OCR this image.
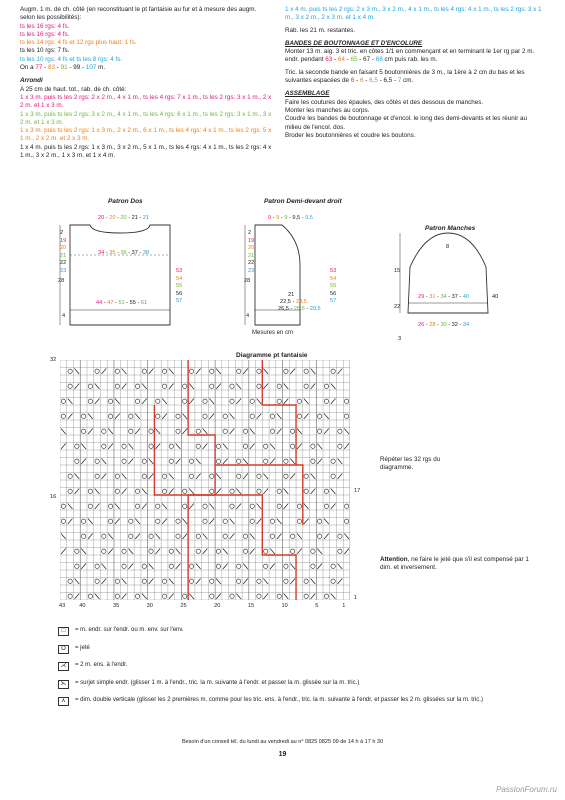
Augm. 1 m. de ch. côté (en reconstituant le pt fantaisie au fur et à mesure des augm. selon les possibilités):

ts les 16 rgs: 4 fs.

ts les 16 rgs: 4 fs.

ts les 14 rgs: 4 fs et 12 rgs plus haut: 1 fs.

ts les 10 rgs: 7 fs.

ts les 10 rgs: 4 fs et ts les 8 rgs: 4 fs.

On a 77 - 83 - 91 - 99 - 107 m.

Arrondi

A 25 cm de haut. tot., rab. de ch. côté:

1 x 3 m. puis ts les 2 rgs: 2 x 2 m., 4 x 1 m., ts les 4 rgs: 7 x 1 m., ts les 2 rgs: 3 x 1 m., 2 x 2 m. et 1 x 3 m.

1 x 3 m. puis ts les 2 rgs: 3 x 2 m., 4 x 1 m., ts les 4 rgs: 6 x 1 m., ts les 2 rgs: 3 x 1 m., 3 x 2 m. et 1 x 3 m.

1 x 3 m. puis ts les 2 rgs: 1 x 3 m., 2 x 2 m., 6 x 1 m., ts les 4 rgs: 4 x 1 m., ts les 2 rgs: 5 x 1 m., 2 x 2 m. et 2 x 3 m.

1 x 4 m. puis ts les 2 rgs: 1 x 3 m., 3 x 2 m., 5 x 1 m., ts les 4 rgs: 4 x 1 m., ts les 2 rgs: 4 x 1 m., 3 x 2 m., 1 x 3 m. et 1 x 4 m.

1 x 4 m. puis ts les 2 rgs: 2 x 3 m., 3 x 2 m., 4 x 1 m., ts les 4 rgs: 4 x 1 m., ts les 2 rgs: 3 x 1 m., 3 x 2 m., 2 x 3 m. et 1 x 4 m.

Rab. les 21 m. restantes.

BANDES DE BOUTONNAGE ET D'ENCOLURE

Monter 13 m. aig. 3 et tric. en côtes 1/1 en commençant et en terminant le 1er rg par 2 m. endr. pendant 63 - 64 - 65 - 67 - 68 cm puis rab. les m.

Tric. la seconde bande en faisant 5 boutonnières de 3 m., la 1ère à 2 cm du bas et les suivantes espacées de 6 - 6 - 6,5 - 6,5 - 7 cm.

ASSEMBLAGE

Faire les coutures des épaules, des côtés et des dessous de manches.

Monter les manches au corps.

Coudre les bandes de boutonnage et d'encol. le long des demi-devants et les réunir au milieu de l'encol. dos.

Broder les boutonnières et coudre les boutons.

Patron Dos	Patron Demi-devant droit
Patron Manches
20 - 20 - 20 - 21 - 21
2
19
20
21
22
23
34 - 35 - 36 - 37 - 38
53
54
55
56
57
28
44 - 47 - 51 - 55 - 61
4
9 - 9 - 9 - 9,5 - 9,5
2
19
20
21
22
23	53
54
55
56
57
28
21
22,5 - 24,5
26,5 - 28,5 - 29,5
4
Mesures en cm
8
15
29 - 31 - 34 - 37 - 40	40
22
26 - 28 - 30 - 32 - 34
3
Diagramme pt fantaisie
32
16
17
1
43 40	35	30	25	20	15	10	5	1
Répéter les 32 rgs du diagramme.
Attention, ne faire le jeté que s'il est compensé par 1 dim. et inversement.
□	= m. endr. sur l'endr. ou m. env. sur l'env.
O	= jeté
⋌	= 2 m. ens. à l'endr.
⋋	= surjet simple endr. (glisser 1 m. à l'endr., tric. la m. suivante à l'endr. et passer la m. glissée sur la m. tric.)
⋏	= dim. double verticale (glisser les 2 premières m. comme pour les tric. ens. à l'endr., tric. la m. suivante à l'endr. et passer les 2 m. glissées sur la m. tric.)
Besoin d'un conseil tél. du lundi au vendredi au n° 0825 0825 09 de 14 h à 17 h 30
19
PassionForum.ru
